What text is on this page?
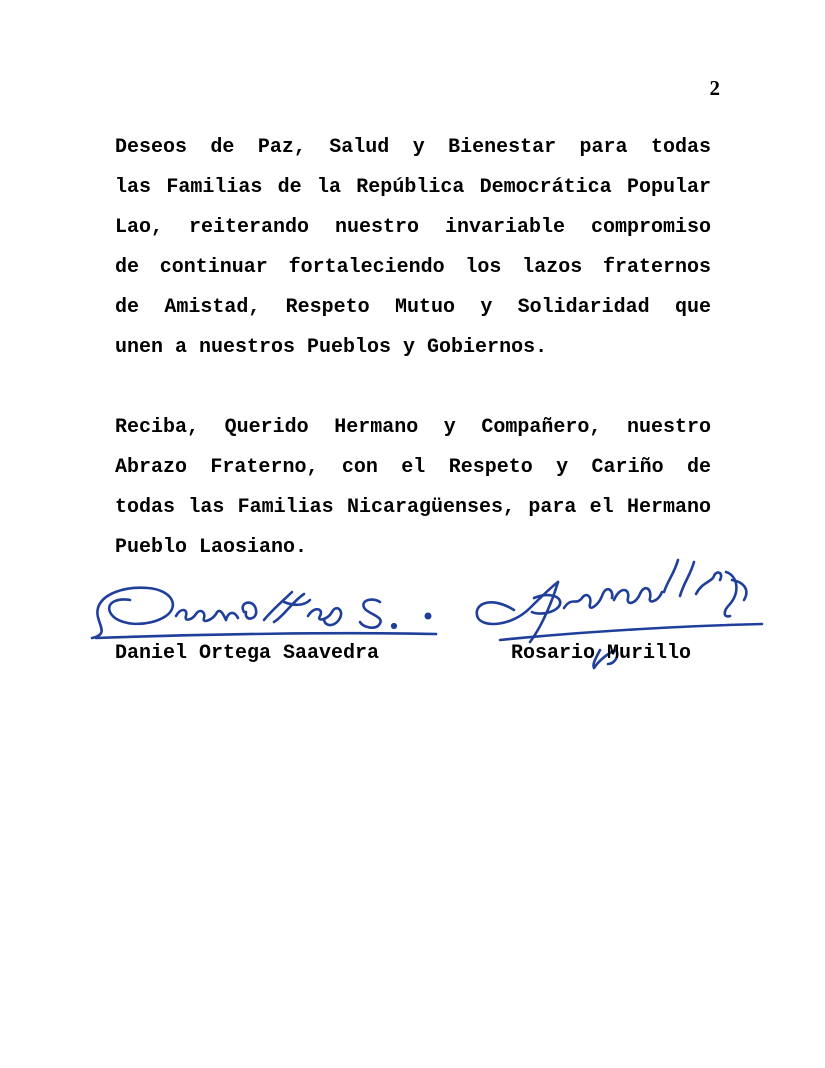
2
Deseos de Paz, Salud y Bienestar para todas
las Familias de la República Democrática Popular
Lao, reiterando nuestro invariable compromiso
de continuar fortaleciendo los lazos fraternos
de Amistad, Respeto Mutuo y Solidaridad que
unen a nuestros Pueblos y Gobiernos.
Reciba, Querido Hermano y Compañero, nuestro
Abrazo Fraterno, con el Respeto y Cariño de
todas las Familias Nicaragüenses, para el Hermano
Pueblo Laosiano.
Daniel Ortega Saavedra	Rosario Murillo
